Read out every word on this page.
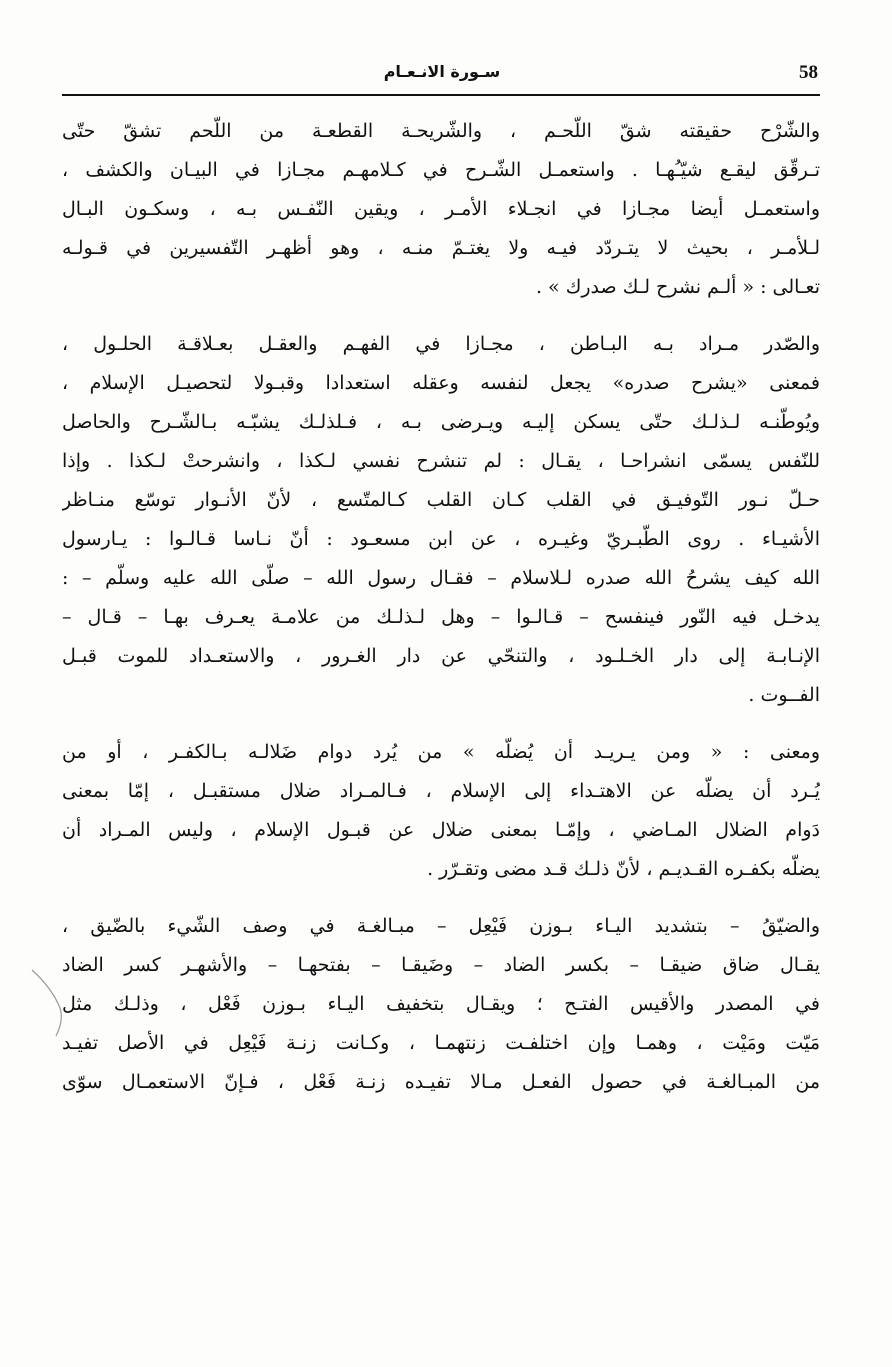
58
سـورة الانـعـام
والشّرْح حقيقته شقّ اللّحـم ، والشّريحـة القطعـة من اللّحم تشقّ حتّى
تـرقّق ليقـع شيّـُهـا . واستعمـل الشّـرح في كـلامهـم مجـازا في البيـان والكشف ،
واستعمـل أيضا مجـازا في انجـلاء الأمـر ، ويقين النّفـس بـه ، وسكـون البـال
لـلأمـر ، بحيث لا يتـردّد فيـه ولا يغتـمّ منـه ، وهو أظهـر التّفسيرين في قـولـه
تعـالى : « ألـم نشرح لـك صدرك » .
والصّدر مـراد بـه البـاطن ، مجـازا في الفهـم والعقـل بعـلاقـة الحلـول ،
فمعنى «يشرح صدره» يجعل لنفسه وعقله استعدادا وقبـولا لتحصيـل الإسلام ،
ويُوطّنـه لـذلـك حتّى يسكن إليـه ويـرضى بـه ، فـلذلـك يشبّـه بـالشّـرح والحاصل
للنّفس يسمّى انشراحـا ، يقـال : لم تنشرح نفسي لـكذا ، وانشرحتْ لـكذا . وإذا
حـلّ نـور التّوفيـق في القلب كـان القلب كـالمتّسع ، لأنّ الأنـوار توسّع منـاظر
الأشيـاء . روى الطّبـريّ وغيـره ، عن ابن مسعـود : أنّ نـاسا قـالـوا : يـارسول
الله كيف يشرحُ الله صدره لـلاسلام – فقـال رسول الله – صلّى الله عليه وسلّم – :
يدخـل فيه النّور فينفسح – قـالـوا – وهل لـذلـك من علامـة يعـرف بهـا – قـال –
الإنـابـة إلى دار الخـلـود ، والتنحّي عن دار الغـرور ، والاستعـداد للموت قبـل
الفــوت .
ومعنى : « ومن يـريـد أن يُضلّه » من يُرد دوام ضَلالـه بـالكفـر ، أو من
يُـرد أن يضلّه عن الاهتـداء إلى الإسلام ، فـالمـراد ضلال مستقبـل ، إمّا بمعنى
دَوام الضلال المـاضي ، وإمّـا بمعنى ضلال عن قبـول الإسلام ، وليس المـراد أن
يضلّه بكفـره القـديـم ، لأنّ ذلـك قـد مضى وتقـرّر .
والضيّقُ – بتشديد اليـاء بـوزن فَيْعِل – مبـالغـة في وصف الشّيء بالضّيق ،
يقـال ضاق ضيقـا – بكسر الضاد – وضَيقـا – بفتحهـا – والأشهـر كسر الضاد
في المصدر والأقيس الفتـح ؛ ويقـال بتخفيف اليـاء بـوزن فَعْل ، وذلـك مثل
مَيّت ومَيْت ، وهمـا وإن اختلفـت زنتهمـا ، وكـانت زنـة فَيْعِل في الأصل تفيـد
من المبـالغـة في حصول الفعـل مـالا تفيـده زنـة فَعْل ، فـإنّ الاستعمـال سوّى
